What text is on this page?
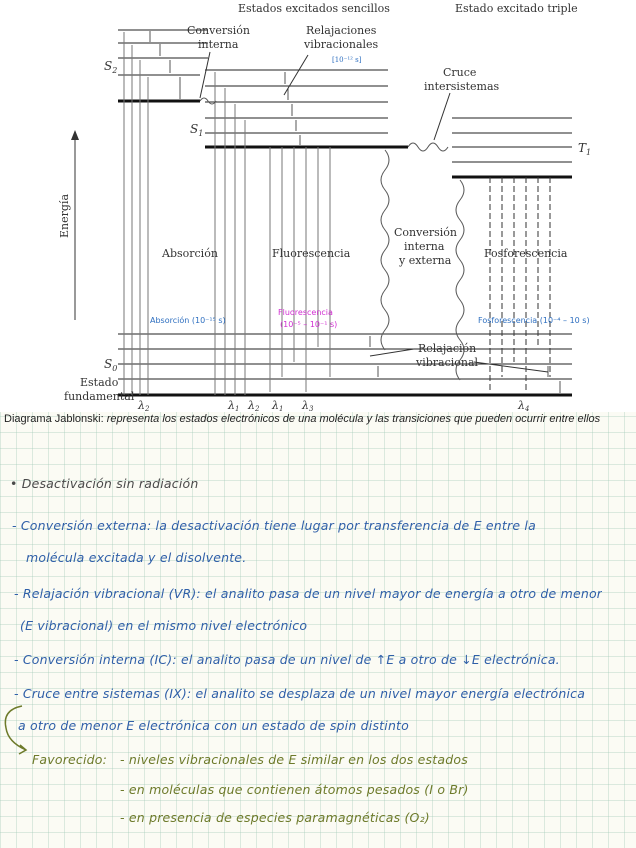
Estados excitados sencillos	Estado excitado triple
Energía
Conversión
interna
Relajaciones
vibracionales
[10⁻¹² s]
Cruce
intersistemas
$S_2$
$S_1$
$T_1$
$S_0$
Estado
fundamental
Absorción	Fluorescencia
Conversión
interna
y externa
Fosforescencia
Absorción (10⁻¹⁵ s)
Fluorescencia
(10⁻⁵ – 10⁻¹ s)	Fosforescencia (10⁻⁴ – 10 s)
Relajación
vibracional
λ2	λ1 λ2 λ1 λ3	λ4
Diagrama Jablonski: representa los estados electrónicos de una molécula y las transiciones que pueden ocurrir entre ellos
• Desactivación sin radiación
- Conversión externa: la desactivación tiene lugar por transferencia de E entre la
molécula excitada y el disolvente.
- Relajación vibracional (VR): el analito pasa de un nivel mayor de energía a otro de menor
(E vibracional) en el mismo nivel electrónico
- Conversión interna (IC): el analito pasa de un nivel de ↑E a otro de ↓E electrónica.
- Cruce entre sistemas (IX): el analito se desplaza de un nivel mayor energía electrónica
a otro de menor E electrónica con un estado de spin distinto
Favorecido: - niveles vibracionales de E similar en los dos estados
- en moléculas que contienen átomos pesados (I o Br)
- en presencia de especies paramagnéticas (O₂)
